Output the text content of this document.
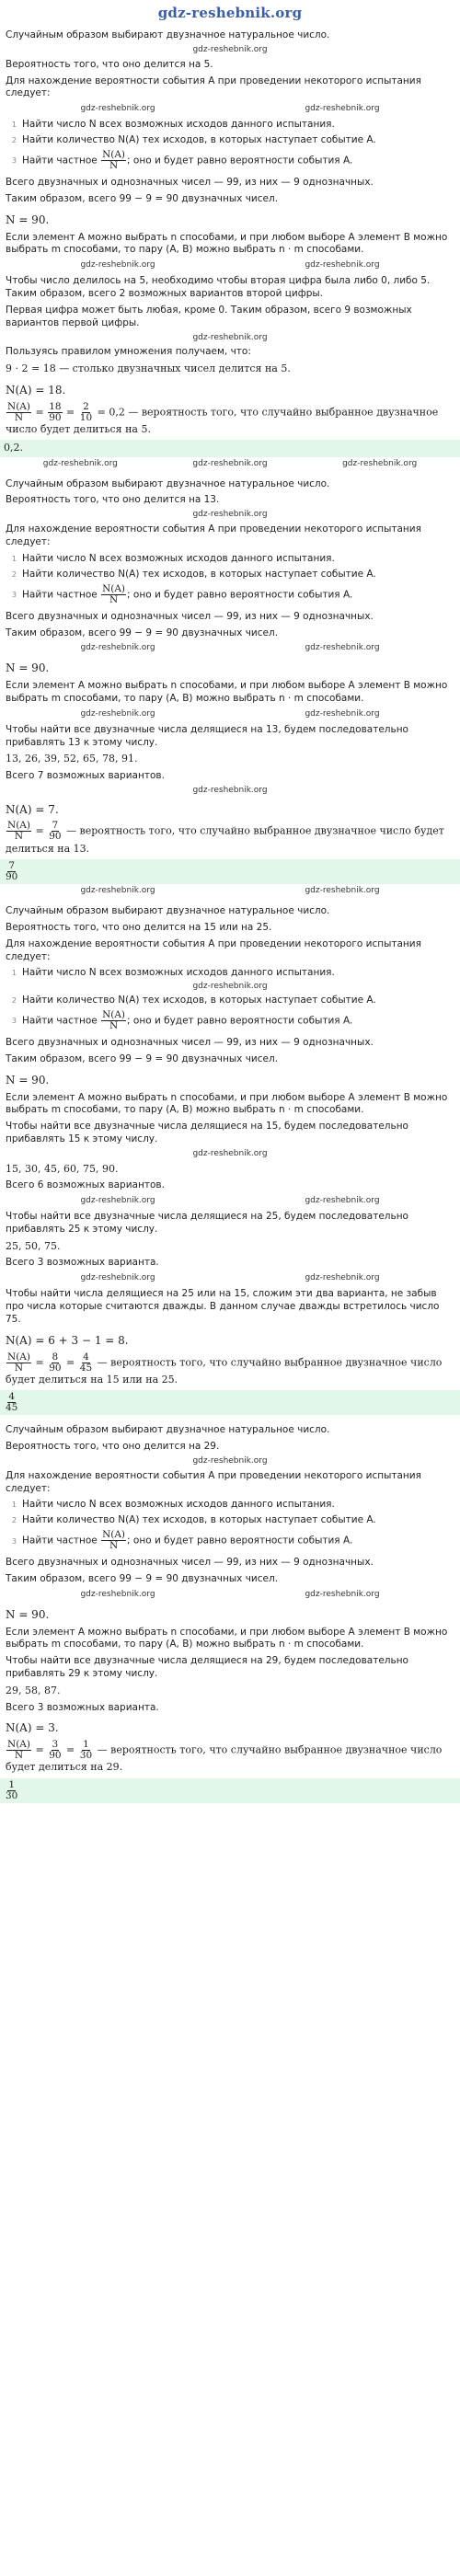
gdz-reshebnik.org
Случайным образом выбирают двузначное натуральное число.
gdz-reshebnik.org
Вероятность того, что оно делится на 5.
Для нахождение вероятности события A при проведении некоторого испытания следует:
gdz-reshebnik.org	gdz-reshebnik.org
1 Найти число N всех возможных исходов данного испытания.
2 Найти количество N(A) тех исходов, в которых наступает событие A.
3 Найти частное $\frac{N(A)}{N}$ ; оно и будет равно вероятности события A.
Всего двузначных и однозначных чисел — 99, из них — 9 однозначных.
Таким образом, всего 99 − 9 = 90 двузначных чисел.
N = 90.
Если элемент A можно выбрать n способами, и при любом выборе A элемент B можно выбрать m способами, то пару (A, B) можно выбрать n · m способами.
gdz-reshebnik.org	gdz-reshebnik.org
Чтобы число делилось на 5, необходимо чтобы вторая цифра была либо 0, либо 5. Таким образом, всего 2 возможных вариантов второй цифры.
Первая цифра может быть любая, кроме 0. Таким образом, всего 9 возможных вариантов первой цифры.
gdz-reshebnik.org
Пользуясь правилом умножения получаем, что:
9 · 2 = 18 — столько двузначных чисел делится на 5.
N(A) = 18.
$\frac{N(A)}{N} = \frac{18}{90} = \frac{2}{10} = 0,2$ — вероятность того, что случайно выбранное двузначное число будет делиться на 5.
0,2.
gdz-reshebnik.org	gdz-reshebnik.org	gdz-reshebnik.org
Случайным образом выбирают двузначное натуральное число.
Вероятность того, что оно делится на 13.
gdz-reshebnik.org
Для нахождение вероятности события A при проведении некоторого испытания следует:
1 Найти число N всех возможных исходов данного испытания.
2 Найти количество N(A) тех исходов, в которых наступает событие A.
3 Найти частное $\frac{N(A)}{N}$ ; оно и будет равно вероятности события A.
Всего двузначных и однозначных чисел — 99, из них — 9 однозначных.
Таким образом, всего 99 − 9 = 90 двузначных чисел.
gdz-reshebnik.org	gdz-reshebnik.org
N = 90.
Если элемент A можно выбрать n способами, и при любом выборе A элемент B можно выбрать m способами, то пару (A, B) можно выбрать n · m способами.
gdz-reshebnik.org	gdz-reshebnik.org
Чтобы найти все двузначные числа делящиеся на 13, будем последовательно прибавлять 13 к этому числу.
13, 26, 39, 52, 65, 78, 91.
Всего 7 возможных вариантов.
gdz-reshebnik.org
N(A) = 7.
$\frac{N(A)}{N} = \frac{7}{90}$ — вероятность того, что случайно выбранное двузначное число будет делиться на 13.
$\frac{7}{90}$
gdz-reshebnik.org	gdz-reshebnik.org
Случайным образом выбирают двузначное натуральное число.
Вероятность того, что оно делится на 15 или на 25.
Для нахождение вероятности события A при проведении некоторого испытания следует:
1 Найти число N всех возможных исходов данного испытания.
gdz-reshebnik.org
2 Найти количество N(A) тех исходов, в которых наступает событие A.
3 Найти частное $\frac{N(A)}{N}$ ; оно и будет равно вероятности события A.
Всего двузначных и однозначных чисел — 99, из них — 9 однозначных.
Таким образом, всего 99 − 9 = 90 двузначных чисел.
N = 90.
Если элемент A можно выбрать n способами, и при любом выборе A элемент B можно выбрать m способами, то пару (A, B) можно выбрать n · m способами.
Чтобы найти все двузначные числа делящиеся на 15, будем последовательно прибавлять 15 к этому числу.
gdz-reshebnik.org
15, 30, 45, 60, 75, 90.
Всего 6 возможных вариантов.
gdz-reshebnik.org	gdz-reshebnik.org
Чтобы найти все двузначные числа делящиеся на 25, будем последовательно прибавлять 25 к этому числу.
25, 50, 75.
Всего 3 возможных варианта.
gdz-reshebnik.org	gdz-reshebnik.org
Чтобы найти числа делящиеся на 25 или на 15, сложим эти два варианта, не забыв про числа которые считаются дважды. В данном случае дважды встретилось число 75.
N(A) = 6 + 3 − 1 = 8.
$\frac{N(A)}{N} = \frac{8}{90} = \frac{4}{45}$ — вероятность того, что случайно выбранное двузначное число будет делиться на 15 или на 25.
$\frac{4}{45}$
Случайным образом выбирают двузначное натуральное число.
Вероятность того, что оно делится на 29.
gdz-reshebnik.org
Для нахождение вероятности события A при проведении некоторого испытания следует:
1 Найти число N всех возможных исходов данного испытания.
2 Найти количество N(A) тех исходов, в которых наступает событие A.
3 Найти частное $\frac{N(A)}{N}$ ; оно и будет равно вероятности события A.
Всего двузначных и однозначных чисел — 99, из них — 9 однозначных.
Таким образом, всего 99 − 9 = 90 двузначных чисел.
gdz-reshebnik.org	gdz-reshebnik.org
N = 90.
Если элемент A можно выбрать n способами, и при любом выборе A элемент B можно выбрать m способами, то пару (A, B) можно выбрать n · m способами.
Чтобы найти все двузначные числа делящиеся на 29, будем последовательно прибавлять 29 к этому числу.
29, 58, 87.
Всего 3 возможных варианта.
N(A) = 3.
$\frac{N(A)}{N} = \frac{3}{90} = \frac{1}{30}$ — вероятность того, что случайно выбранное двузначное число будет делиться на 29.
$\frac{1}{30}$
